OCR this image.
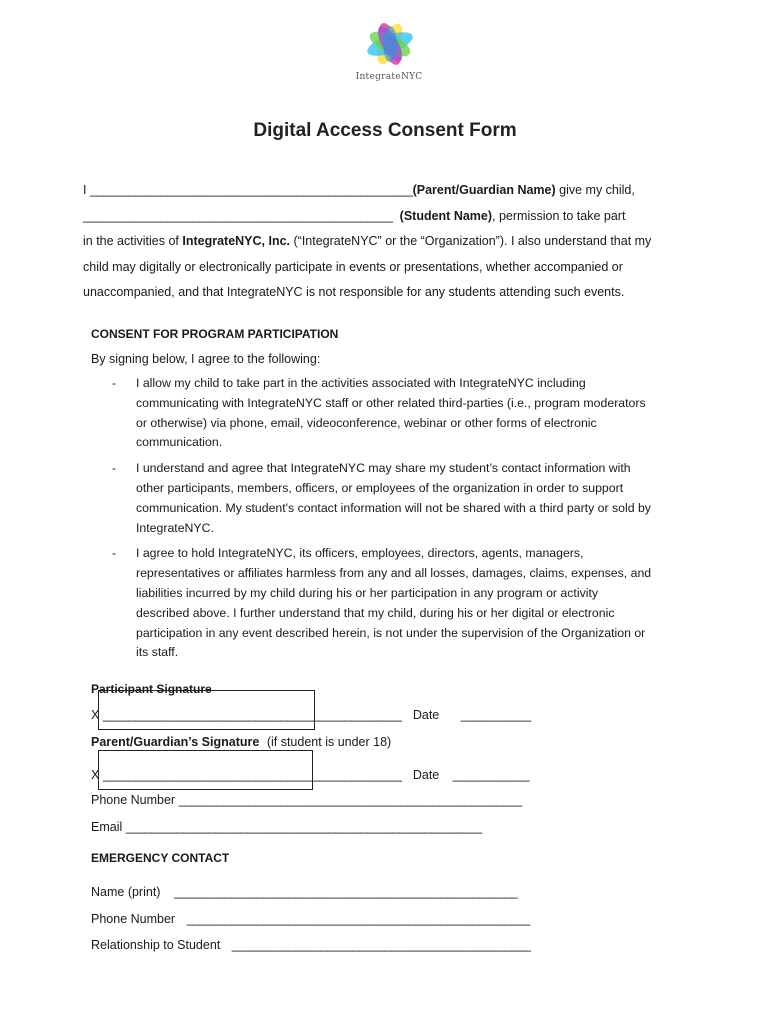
IntegrateNYC
Digital Access Consent Form
I __________________________________________________(Parent/Guardian Name) give my child,
________________________________________________ (Student Name), permission to take part
in the activities of IntegrateNYC, Inc. (“IntegrateNYC” or the “Organization”). I also understand that my
child may digitally or electronically participate in events or presentations, whether accompanied or
unaccompanied, and that IntegrateNYC is not responsible for any students attending such events.
CONSENT FOR PROGRAM PARTICIPATION
By signing below, I agree to the following:
-	I allow my child to take part in the activities associated with IntegrateNYC including communicating with IntegrateNYC staff or other related third-parties (i.e., program moderators or otherwise) via phone, email, videoconference, webinar or other forms of electronic communication.
-	I understand and agree that IntegrateNYC may share my student’s contact information with other participants, members, officers, or employees of the organization in order to support communication. My student's contact information will not be shared with a third party or sold by IntegrateNYC.
-	I agree to hold IntegrateNYC, its officers, employees, directors, agents, managers, representatives or affiliates harmless from any and all losses, damages, claims, expenses, and liabilities incurred by my child during his or her participation in any program or activity described above. I further understand that my child, during his or her digital or electronic participation in any event described herein, is not under the supervision of the Organization or its staff.
Participant Signature
X _______________________________________________ Date ___________
Parent/Guardian’s Signature (if student is under 18)
X _______________________________________________ Date ____________
Phone Number ______________________________________________________
Email ________________________________________________________
EMERGENCY CONTACT
Name (print) ______________________________________________________
Phone Number ______________________________________________________
Relationship to Student _______________________________________________
